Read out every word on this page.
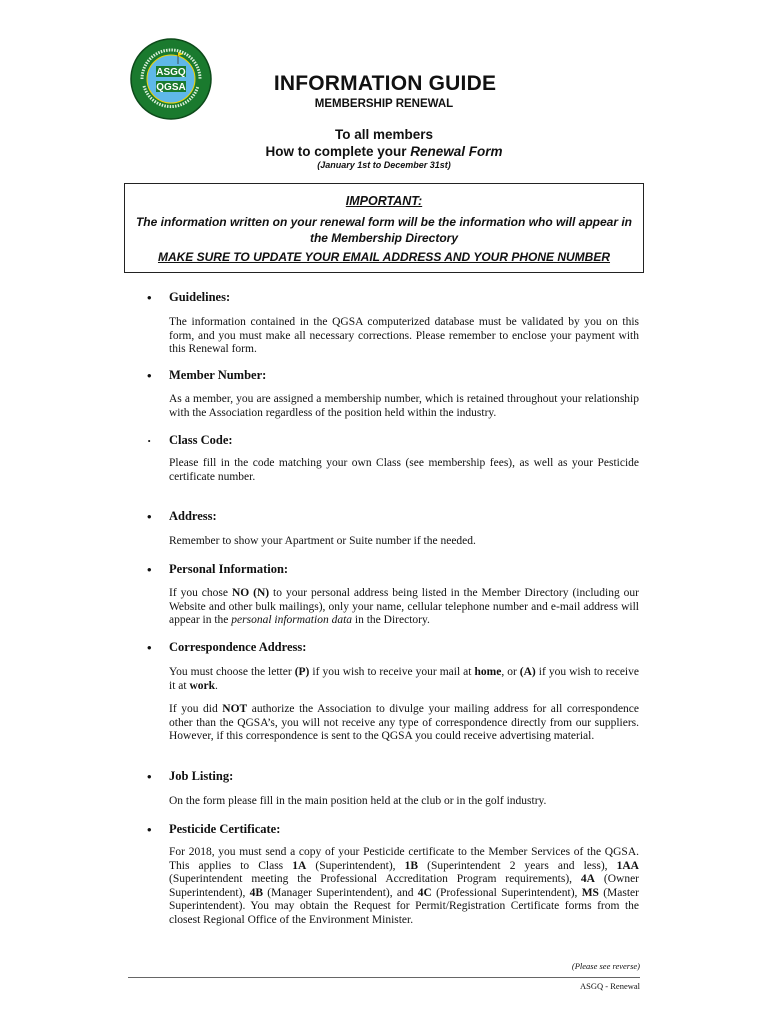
ASGQ
QGSA	INFORMATION GUIDE
MEMBERSHIP RENEWAL
To all members
How to complete your Renewal Form
(January 1st to December 31st)
IMPORTANT:
The information written on your renewal form will be the information who will appear in the Membership Directory
MAKE SURE TO UPDATE YOUR EMAIL ADDRESS AND YOUR PHONE NUMBER
• Guidelines:
The information contained in the QGSA computerized database must be validated by you on this form, and you must make all necessary corrections. Please remember to enclose your payment with this Renewal form.
• Member Number:
As a member, you are assigned a membership number, which is retained throughout your relationship with the Association regardless of the position held within the industry.
· Class Code:
Please fill in the code matching your own Class (see membership fees), as well as your Pesticide certificate number.
• Address:
Remember to show your Apartment or Suite number if the needed.
• Personal Information:
If you chose NO (N) to your personal address being listed in the Member Directory (including our Website and other bulk mailings), only your name, cellular telephone number and e-mail address will appear in the personal information data in the Directory.
• Correspondence Address:
You must choose the letter (P) if you wish to receive your mail at home, or (A) if you wish to receive it at work.
If you did NOT authorize the Association to divulge your mailing address for all correspondence other than the QGSA’s, you will not receive any type of correspondence directly from our suppliers. However, if this correspondence is sent to the QGSA you could receive advertising material.
• Job Listing:
On the form please fill in the main position held at the club or in the golf industry.
• Pesticide Certificate:
For 2018, you must send a copy of your Pesticide certificate to the Member Services of the QGSA. This applies to Class 1A (Superintendent), 1B (Superintendent 2 years and less), 1AA (Superintendent meeting the Professional Accreditation Program requirements), 4A (Owner Superintendent), 4B (Manager Superintendent), and 4C (Professional Superintendent), MS (Master Superintendent). You may obtain the Request for Permit/Registration Certificate forms from the closest Regional Office of the Environment Minister.
(Please see reverse)
ASGQ - Renewal
